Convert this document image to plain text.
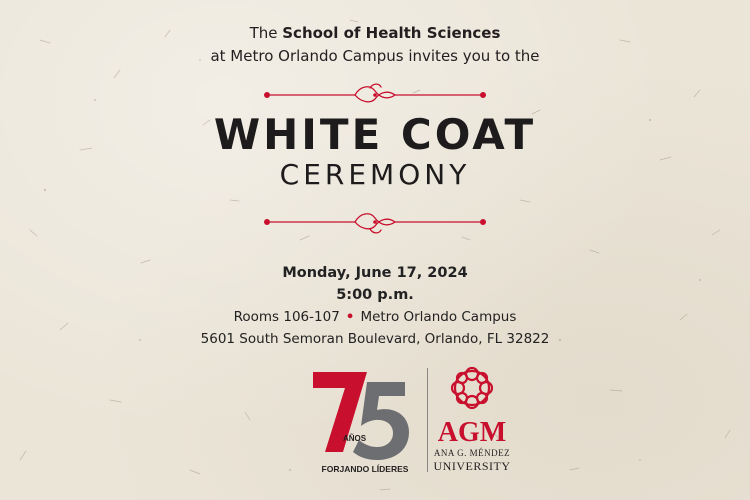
The School of Health Sciences
at Metro Orlando Campus invites you to the
WHITE COAT
CEREMONY
Monday, June 17, 2024
5:00 p.m.
Rooms 106-107 • Metro Orlando Campus
5601 South Semoran Boulevard, Orlando, FL 32822
AÑOS
FORJANDO LÍDERES
AGM
ANA G. MÉNDEZ
UNIVERSITY
